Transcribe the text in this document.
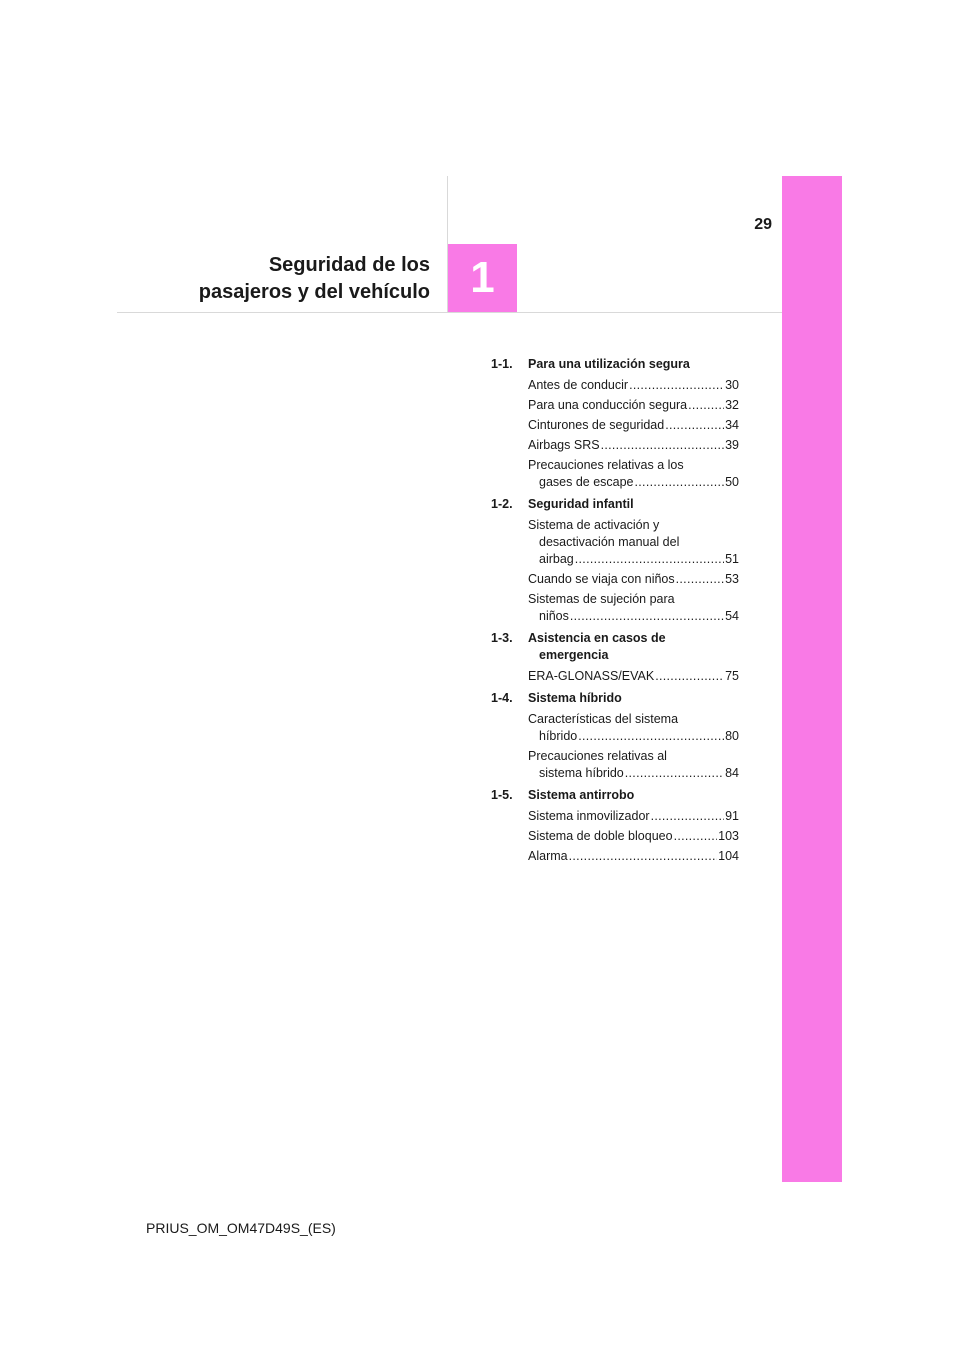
29
Seguridad de los
pasajeros y del vehículo 1
1-1.	Para una utilización segura
Antes de conducir .....	30
Para una conducción segura .....	32
Cinturones de seguridad .....	34
Airbags SRS .....	39
Precauciones relativas a los
gases de escape .....	50
1-2.	Seguridad infantil
Sistema de activación y
desactivación manual del
airbag .....	51
Cuando se viaja con niños .....	53
Sistemas de sujeción para
niños .....	54
1-3.	Asistencia en casos de
emergencia
ERA-GLONASS/EVAK .....	75
1-4.	Sistema híbrido
Características del sistema
híbrido .....	80
Precauciones relativas al
sistema híbrido .....	84
1-5.	Sistema antirrobo
Sistema inmovilizador .....	91
Sistema de doble bloqueo .....	103
Alarma .....	104
PRIUS_OM_OM47D49S_(ES)
